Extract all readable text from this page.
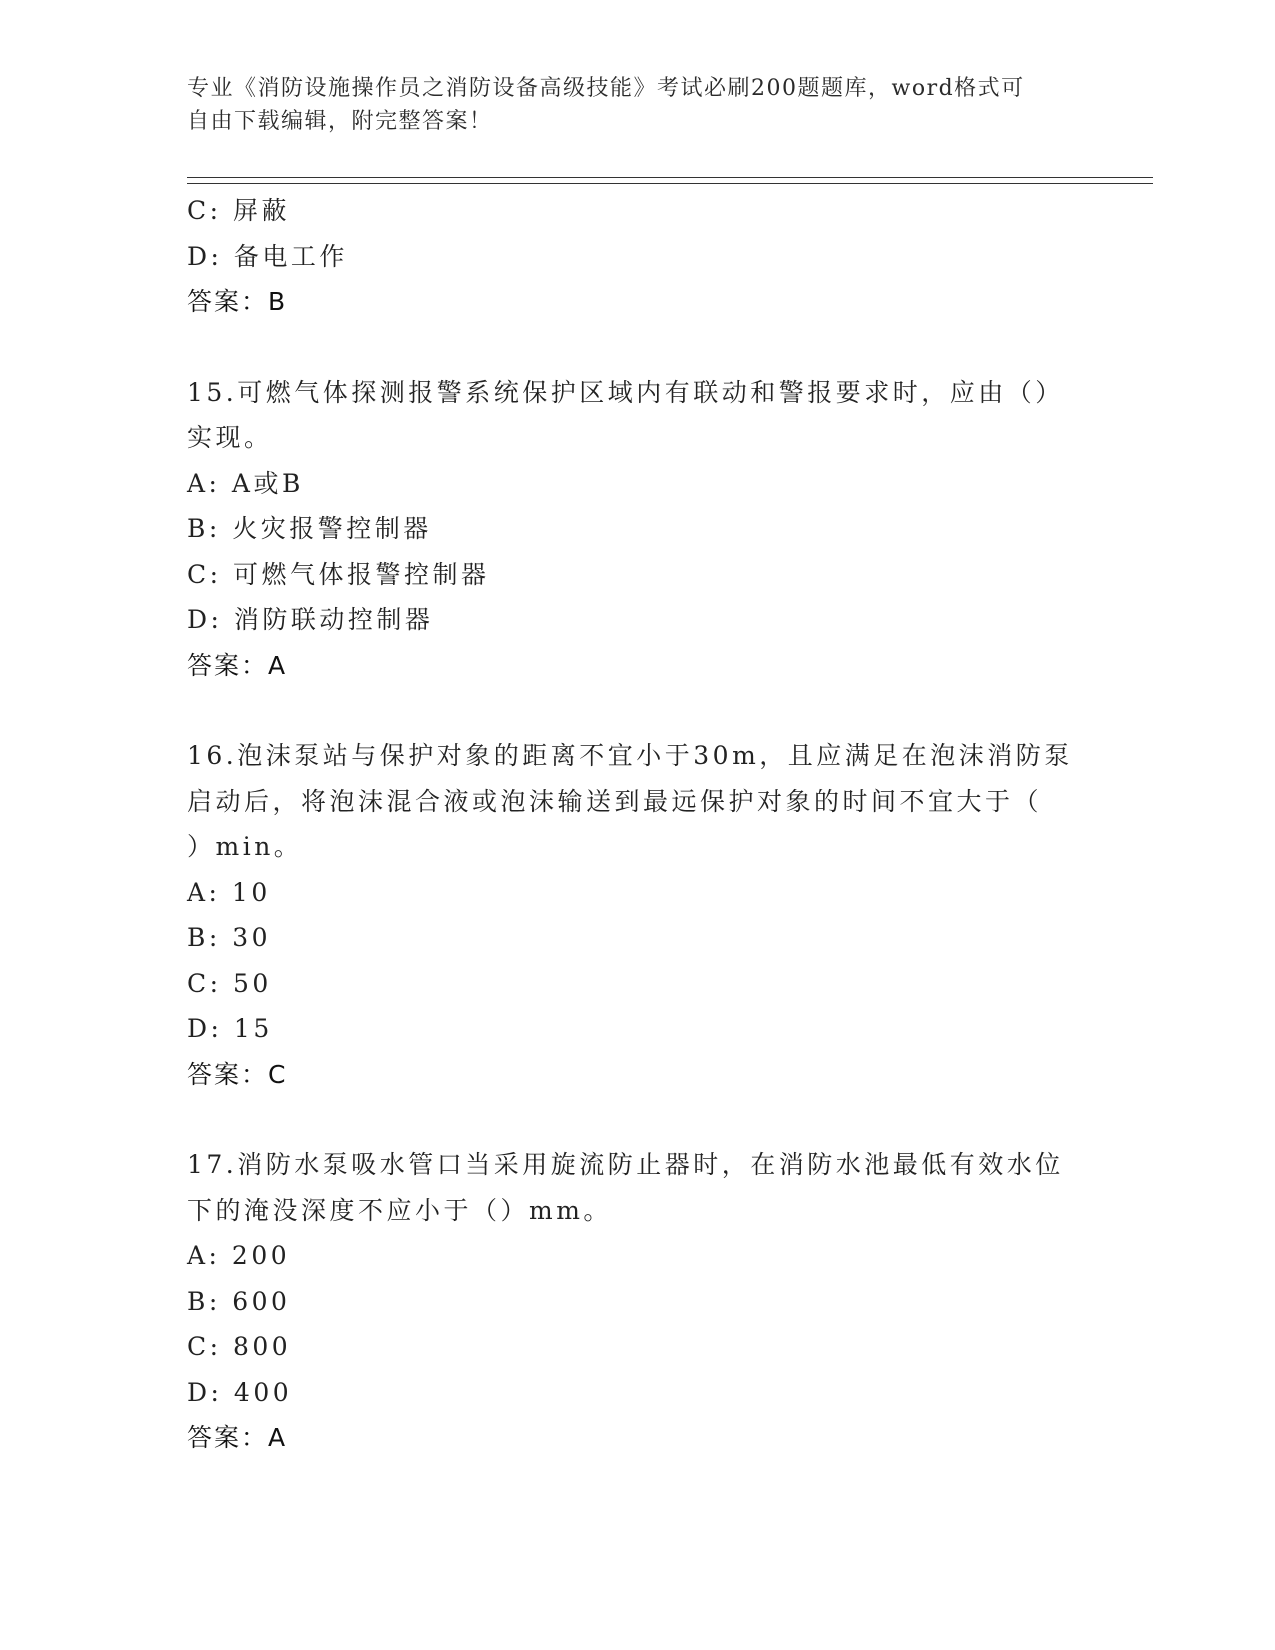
专业《消防设施操作员之消防设备高级技能》考试必刷200题题库，word格式可
自由下载编辑，附完整答案！
C: 屏蔽
D: 备电工作
答案：B
15.可燃气体探测报警系统保护区域内有联动和警报要求时，应由（）
实现。
A: A或B
B: 火灾报警控制器
C: 可燃气体报警控制器
D: 消防联动控制器
答案：A
16.泡沫泵站与保护对象的距离不宜小于30m，且应满足在泡沫消防泵
启动后，将泡沫混合液或泡沫输送到最远保护对象的时间不宜大于（
）min。
A: 10
B: 30
C: 50
D: 15
答案：C
17.消防水泵吸水管口当采用旋流防止器时，在消防水池最低有效水位
下的淹没深度不应小于（）mm。
A: 200
B: 600
C: 800
D: 400
答案：A
